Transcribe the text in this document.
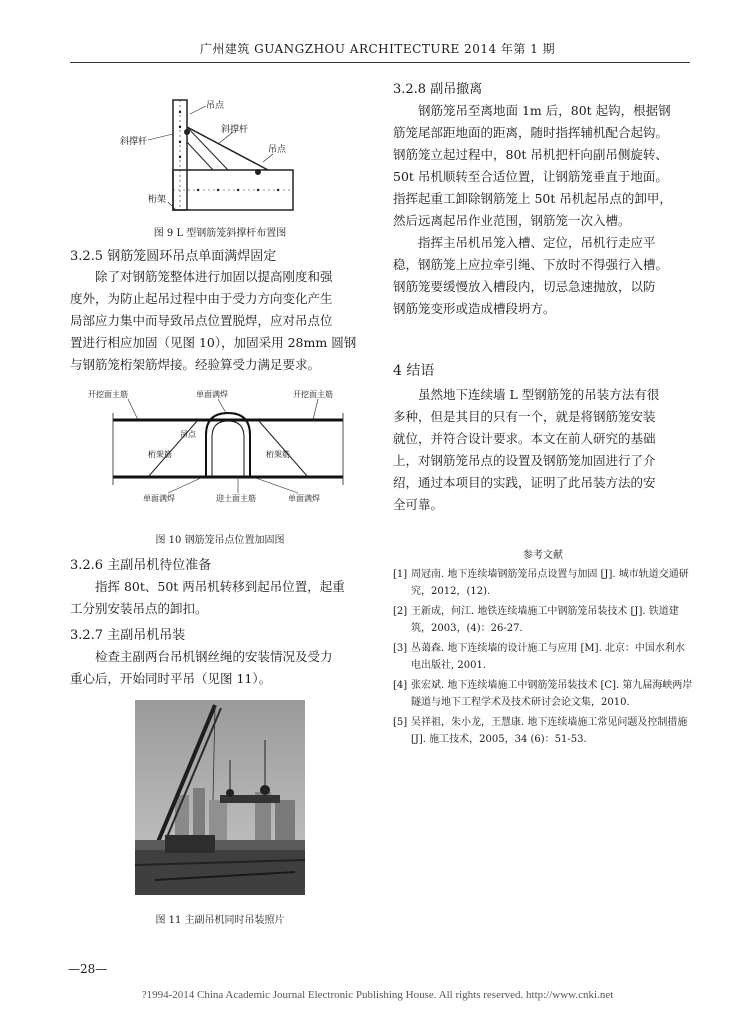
广州建筑 GUANGZHOU ARCHITECTURE 2014 年第 1 期
吊点
斜撑杆
斜撑杆
吊点
桁架
图 9 L 型钢筋笼斜撑杆布置图
3.2.5 钢筋笼圆环吊点单面满焊固定

除了对钢筋笼整体进行加固以提高刚度和强

度外，为防止起吊过程中由于受力方向变化产生

局部应力集中而导致吊点位置脱焊，应对吊点位

置进行相应加固（见图 10），加固采用 28mm 圆钢

与钢筋笼桁架筋焊接。经验算受力满足要求。

开挖面主筋	单面满焊	开挖面主筋
吊点
桁架筋	桁架筋
单面满焊	迎土面主筋	单面满焊
图 10 钢筋笼吊点位置加固图
3.2.6 主副吊机待位准备

指挥 80t、50t 两吊机转移到起吊位置，起重

工分别安装吊点的卸扣。

3.2.7 主副吊机吊装

检查主副两台吊机钢丝绳的安装情况及受力

重心后，开始同时平吊（见图 11）。

图 11 主副吊机同时吊装照片
3.2.8 副吊撤离

钢筋笼吊至离地面 1m 后，80t 起钩，根据钢

筋笼尾部距地面的距离，随时指挥辅机配合起钩。

钢筋笼立起过程中，80t 吊机把杆向副吊侧旋转、

50t 吊机顺转至合适位置，让钢筋笼垂直于地面。

指挥起重工卸除钢筋笼上 50t 吊机起吊点的卸甲，

然后远离起吊作业范围，钢筋笼一次入槽。

指挥主吊机吊笼入槽、定位，吊机行走应平

稳，钢筋笼上应拉牵引绳、下放时不得强行入槽。

钢筋笼要缓慢放入槽段内，切忌急速抛放，以防

钢筋笼变形或造成槽段坍方。

4 结语

虽然地下连续墙 L 型钢筋笼的吊装方法有很

多种，但是其目的只有一个，就是将钢筋笼安装

就位，并符合设计要求。本文在前人研究的基础

上，对钢筋笼吊点的设置及钢筋笼加固进行了介

绍，通过本项目的实践，证明了此吊装方法的安

全可靠。

参考文献
[1] 周冠南. 地下连续墙钢筋笼吊点设置与加固 [J]. 城市轨道交通研究，2012，(12).
[2] 王新成，何江. 地铁连续墙施工中钢筋笼吊装技术 [J]. 铁道建筑，2003，(4)：26-27.
[3] 丛蔼森. 地下连续墙的设计施工与应用 [M]. 北京：中国水利水电出版社, 2001.
[4] 张宏斌. 地下连续墙施工中钢筋笼吊装技术 [C]. 第九届海峡两岸隧道与地下工程学术及技术研讨会论文集，2010.
[5] 吴祥祖，朱小龙，王慧康. 地下连续墙施工常见问题及控制措施 [J]. 施工技术，2005，34 (6)：51-53.
—28—
?1994-2014 China Academic Journal Electronic Publishing House. All rights reserved. http://www.cnki.net
